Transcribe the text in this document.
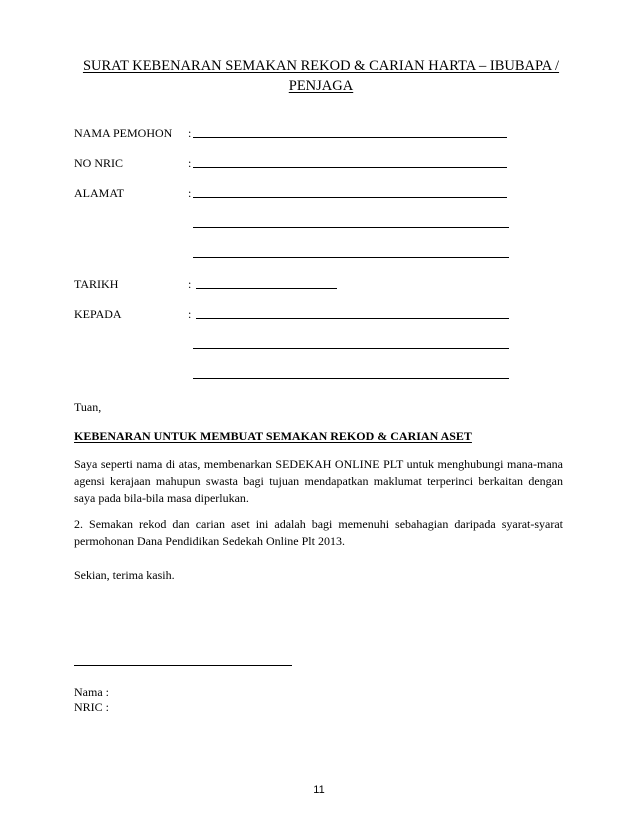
SURAT KEBENARAN SEMAKAN REKOD & CARIAN HARTA – IBUBAPA /
PENJAGA
NAMA PEMOHON :
NO NRIC	:
ALAMAT	:
TARIKH	:
KEPADA	:
Tuan,
KEBENARAN UNTUK MEMBUAT SEMAKAN REKOD & CARIAN ASET
Saya seperti nama di atas, membenarkan SEDEKAH ONLINE PLT untuk menghubungi mana-mana agensi kerajaan mahupun swasta bagi tujuan mendapatkan maklumat terperinci berkaitan dengan saya pada bila-bila masa diperlukan.
2. Semakan rekod dan carian aset ini adalah bagi memenuhi sebahagian daripada syarat-syarat permohonan Dana Pendidikan Sedekah Online Plt 2013.
Sekian, terima kasih.
Nama :
NRIC :
11
